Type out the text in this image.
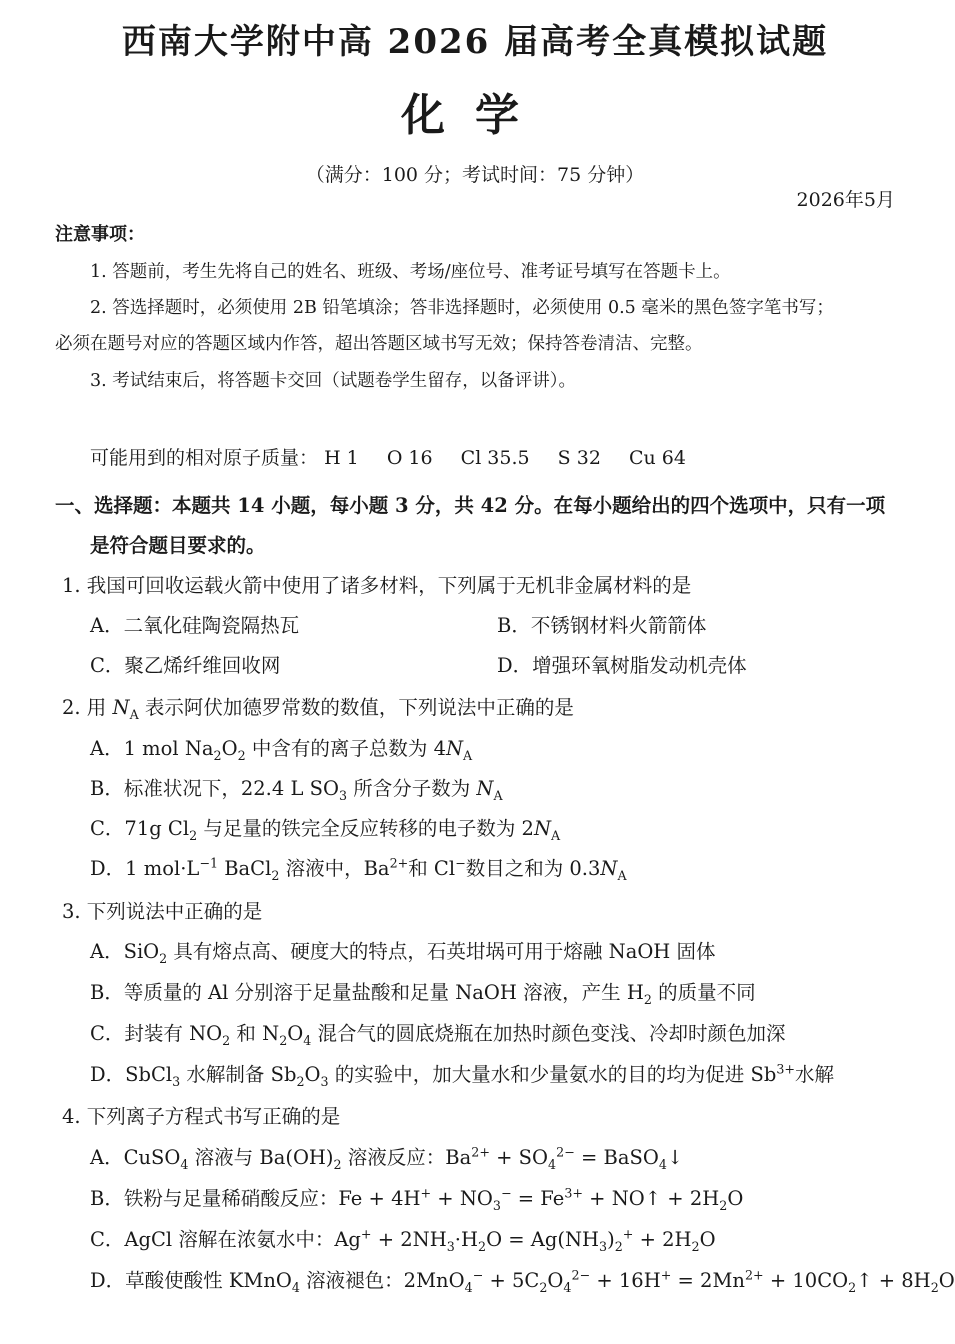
西南大学附中高 2026 届高考全真模拟试题
化学
（满分：100 分；考试时间：75 分钟）
2026年5月
注意事项：
1. 答题前，考生先将自己的姓名、班级、考场/座位号、准考证号填写在答题卡上。
2. 答选择题时，必须使用 2B 铅笔填涂；答非选择题时，必须使用 0.5 毫米的黑色签字笔书写；
必须在题号对应的答题区域内作答，超出答题区域书写无效；保持答卷清洁、完整。
3. 考试结束后，将答题卡交回（试题卷学生留存，以备评讲）。
可能用到的相对原子质量： H 1 O 16 Cl 35.5 S 32 Cu 64
一、选择题：本题共 14 小题，每小题 3 分，共 42 分。在每小题给出的四个选项中，只有一项
是符合题目要求的。
1. 我国可回收运载火箭中使用了诸多材料，下列属于无机非金属材料的是
A．二氧化硅陶瓷隔热瓦	B．不锈钢材料火箭箭体
C．聚乙烯纤维回收网	D．增强环氧树脂发动机壳体
2. 用 $N_A$ 表示阿伏加德罗常数的数值，下列说法中正确的是
A．1 mol $Na_2O_2$ 中含有的离子总数为 $4N_A$
B．标准状况下，22.4 L $SO_3$ 所含分子数为 $N_A$
C．71g $Cl_2$ 与足量的铁完全反应转移的电子数为 $2N_A$
D．1 $mol\cdot L^{-1}$ BaCl$_2$ 溶液中，$Ba^{2+}$和 Cl−数目之和为 $0.3N_A$
3. 下列说法中正确的是
A．SiO$_2$ 具有熔点高、硬度大的特点，石英坩埚可用于熔融 NaOH 固体
B．等质量的 Al 分别溶于足量盐酸和足量 NaOH 溶液，产生 $H_2$ 的质量不同
C．封装有 $NO_2$ 和 $N_2O_4$ 混合气的圆底烧瓶在加热时颜色变浅、冷却时颜色加深
D．SbCl$_3$ 水解制备 $Sb_2O_3$ 的实验中，加大量水和少量氨水的目的均为促进 $Sb^{3+}$水解
4. 下列离子方程式书写正确的是
A．CuSO$_4$ 溶液与 $Ba(OH)_2$ 溶液反应：$Ba^{2+} + SO_4^{2-}$ = BaSO$_4$↓
B．铁粉与足量稀硝酸反应：$Fe + 4H^+ + NO_3^- = Fe^{3+}$ + NO↑ + $2H_2O$
C．AgCl 溶解在浓氨水中：$Ag^+ + 2NH_3\cdot H_2O = Ag(NH_3)_2^+ + 2H_2O$
D．草酸使酸性 KMnO$_4$ 溶液褪色：$2MnO_4^- + 5C_2O_4^{2-} + 16H^+ = 2Mn^{2+}$ + $10CO_2↑ + 8H_2O$
